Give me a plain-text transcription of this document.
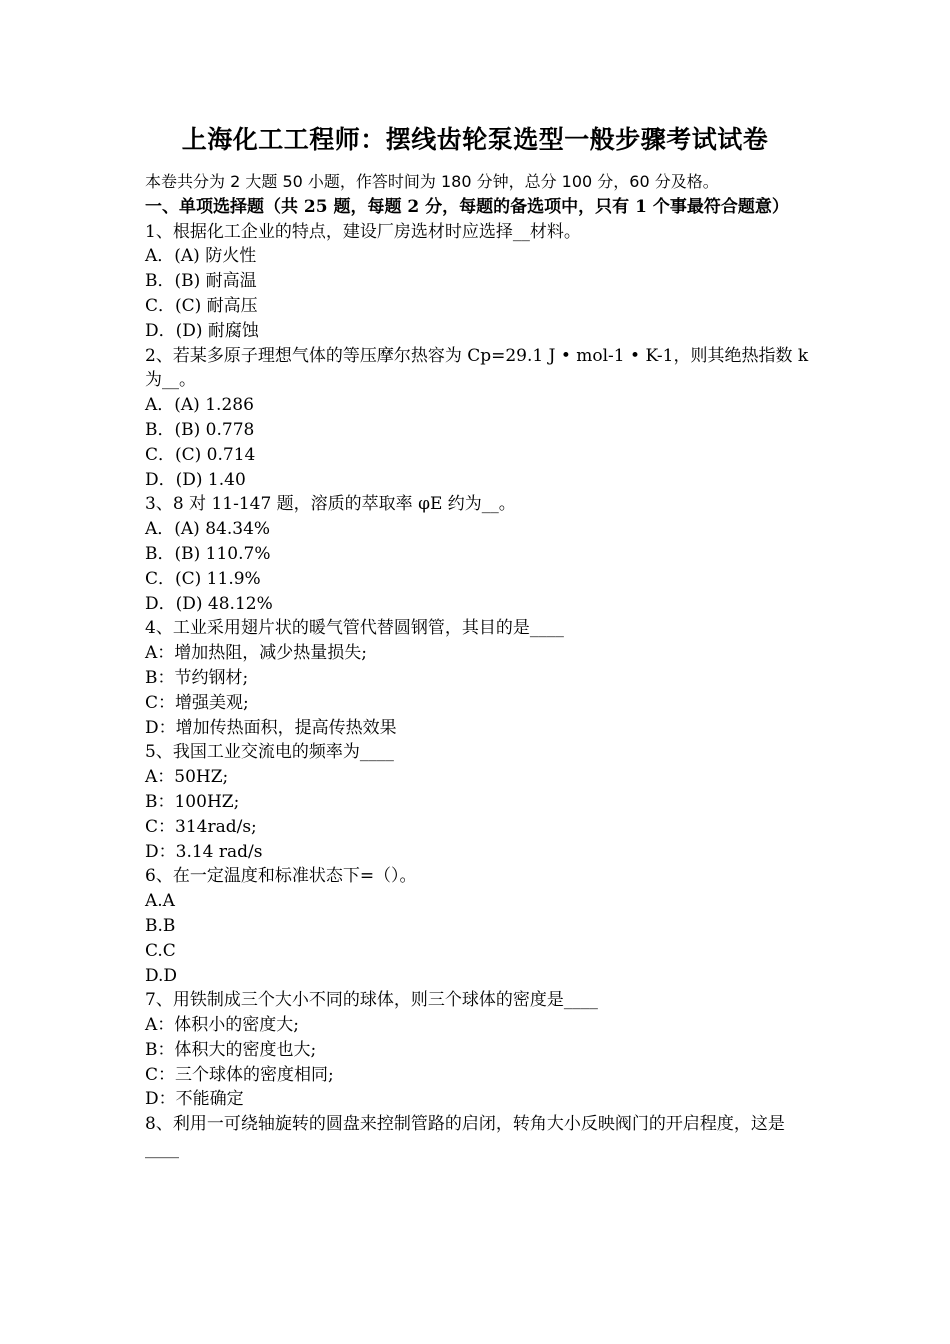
上海化工工程师：摆线齿轮泵选型一般步骤考试试卷
本卷共分为 2 大题 50 小题，作答时间为 180 分钟，总分 100 分，60 分及格。
一、单项选择题（共 25 题，每题 2 分，每题的备选项中，只有 1 个事最符合题意）
1、根据化工企业的特点，建设厂房选材时应选择__材料。
A．(A) 防火性
B．(B) 耐高温
C．(C) 耐高压
D．(D) 耐腐蚀
2、若某多原子理想气体的等压摩尔热容为 Cp=29.1 J • mol-1 • K-1，则其绝热指数 k 为__。
A．(A) 1.286
B．(B) 0.778
C．(C) 0.714
D．(D) 1.40
3、8 对 11-147 题，溶质的萃取率 φE 约为__。
A．(A) 84.34%
B．(B) 110.7%
C．(C) 11.9%
D．(D) 48.12%
4、工业采用翅片状的暖气管代替圆钢管，其目的是____
A：增加热阻，减少热量损失;
B：节约钢材;
C：增强美观;
D：增加传热面积，提高传热效果
5、我国工业交流电的频率为____
A：50HZ;
B：100HZ;
C：314rad/s;
D：3.14 rad/s
6、在一定温度和标准状态下=（）。
A.A
B.B
C.C
D.D
7、用铁制成三个大小不同的球体，则三个球体的密度是____
A：体积小的密度大;
B：体积大的密度也大;
C：三个球体的密度相同;
D：不能确定
8、利用一可绕轴旋转的圆盘来控制管路的启闭，转角大小反映阀门的开启程度，这是____
